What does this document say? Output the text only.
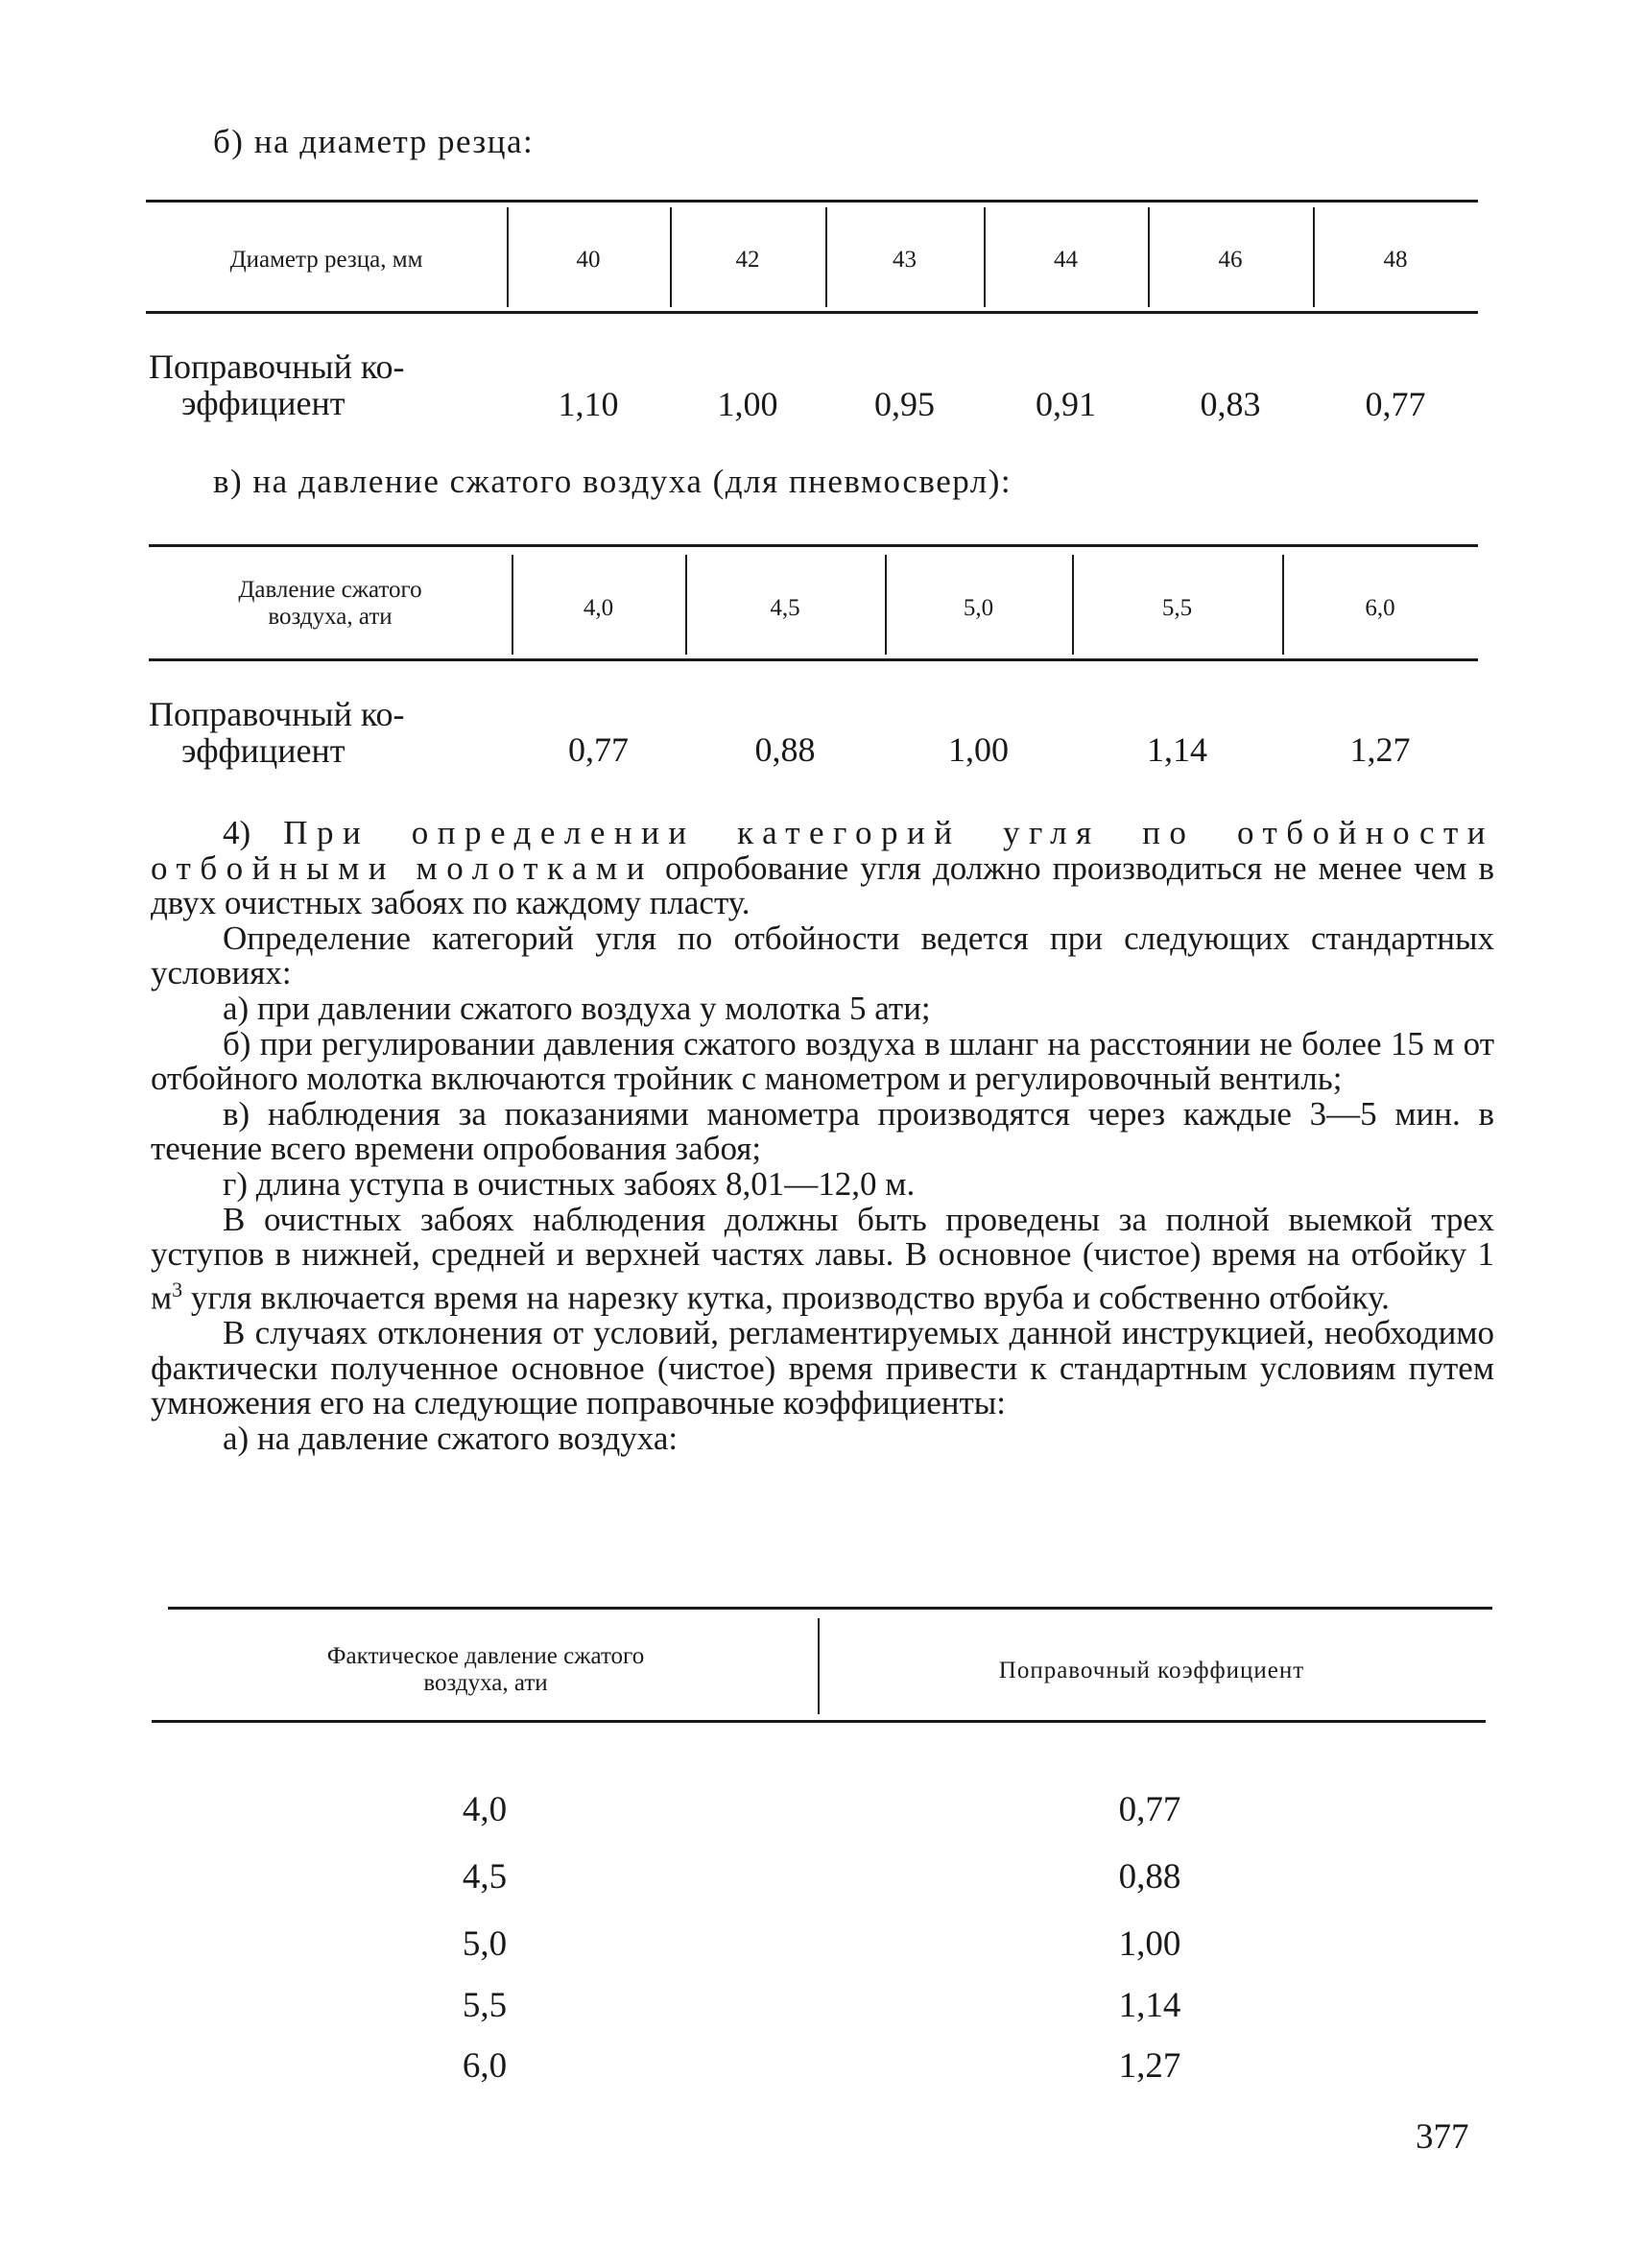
б) на диаметр резца:
Диаметр резца, мм	40	42	43	44	46	48
Поправочный ко-
эффициент	1,10	1,00	0,95	0,91	0,83	0,77
в) на давление сжатого воздуха (для пневмосверл):
Давление сжатого
воздуха, ати	4,0	4,5	5,0	5,5	6,0
Поправочный ко-
эффициент	0,77	0,88	1,00	1,14	1,27

4) При определении категорий угля по отбойности отбойными молотками опробование угля должно производиться не менее чем в двух очистных забоях по каждому пласту.

Определение категорий угля по отбойности ведется при следующих стандартных условиях:

а) при давлении сжатого воздуха у молотка 5 ати;

б) при регулировании давления сжатого воздуха в шланг на расстоянии не более 15 м от отбойного молотка включаются тройник с манометром и регулировочный вентиль;

в) наблюдения за показаниями манометра производятся через каждые 3—5 мин. в течение всего времени опробования забоя;

г) длина уступа в очистных забоях 8,01—12,0 м.

В очистных забоях наблюдения должны быть проведены за полной выемкой трех уступов в нижней, средней и верхней частях лавы. В основное (чистое) время на отбойку 1 $м^3$ угля включается время на нарезку кутка, производство вруба и собственно отбойку.

В случаях отклонения от условий, регламентируемых данной инструкцией, необходимо фактически полученное основное (чистое) время привести к стандартным условиям путем умножения его на следующие поправочные коэффициенты:

а) на давление сжатого воздуха:

Фактическое давление сжатого
воздуха, ати	Поправочный коэффициент
4,0	0,77
4,5	0,88
5,0	1,00
5,5	1,14
6,0	1,27
377
